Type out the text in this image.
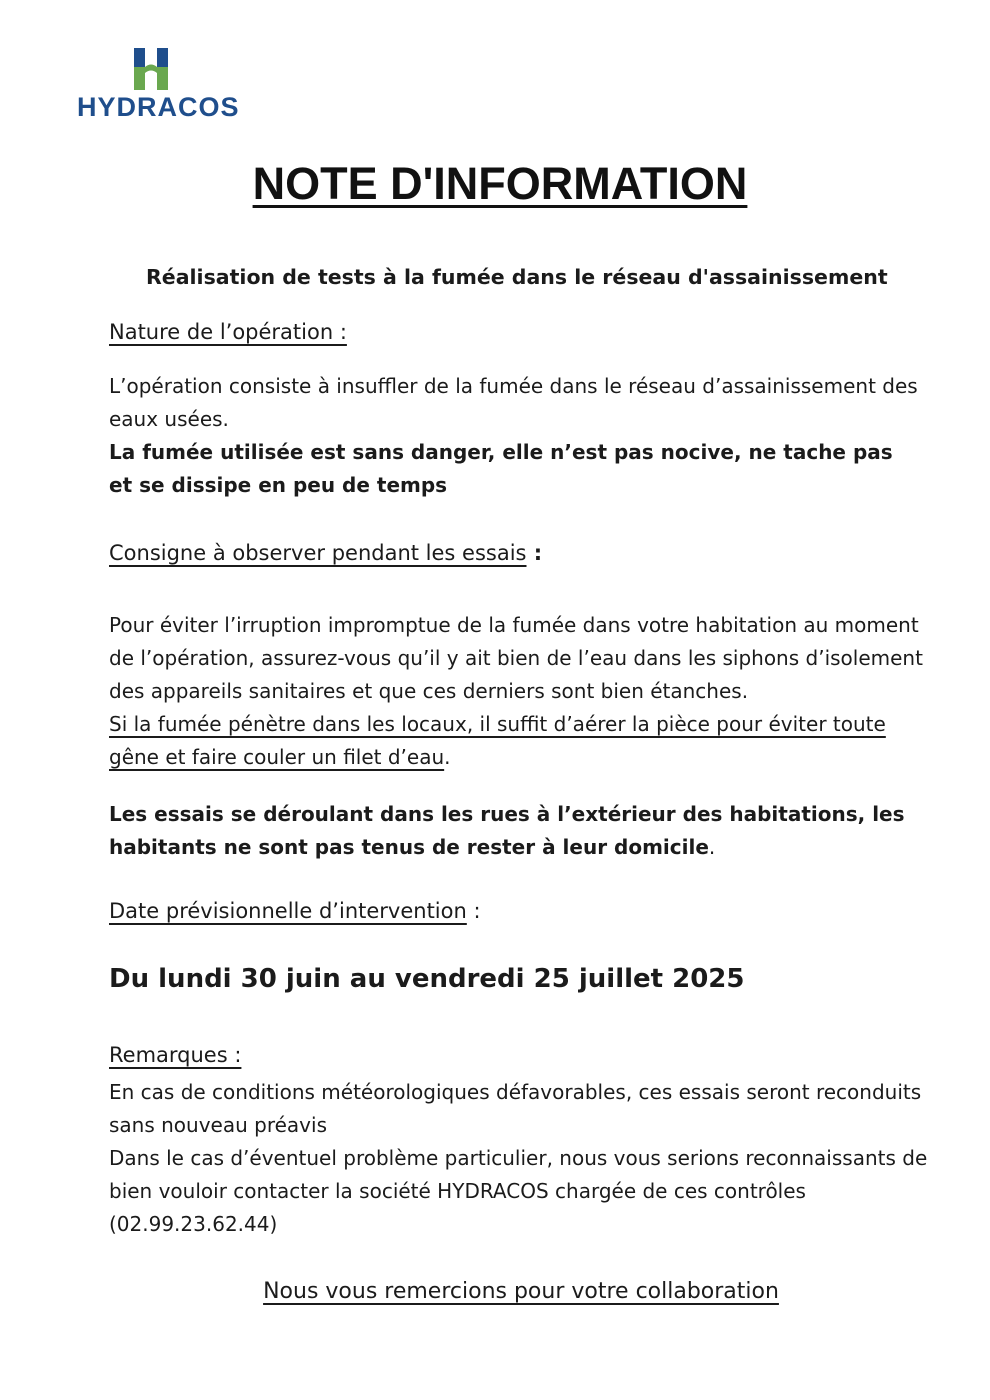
HYDRACOS
NOTE D'INFORMATION
Réalisation de tests à la fumée dans le réseau d'assainissement
Nature de l’opération :
L’opération consiste à insuffler de la fumée dans le réseau d’assainissement des eaux usées.
La fumée utilisée est sans danger, elle n’est pas nocive, ne tache pas et se dissipe en peu de temps
Consigne à observer pendant les essais :
Pour éviter l’irruption impromptue de la fumée dans votre habitation au moment de l’opération, assurez-vous qu’il y ait bien de l’eau dans les siphons d’isolement des appareils sanitaires et que ces derniers sont bien étanches.
Si la fumée pénètre dans les locaux, il suffit d’aérer la pièce pour éviter toute gêne et faire couler un filet d’eau.
Les essais se déroulant dans les rues à l’extérieur des habitations, les habitants ne sont pas tenus de rester à leur domicile.
Date prévisionnelle d’intervention :
Du lundi 30 juin au vendredi 25 juillet 2025
Remarques :
En cas de conditions météorologiques défavorables, ces essais seront reconduits sans nouveau préavis
Dans le cas d’éventuel problème particulier, nous vous serions reconnaissants de bien vouloir contacter la société HYDRACOS chargée de ces contrôles
(02.99.23.62.44)
Nous vous remercions pour votre collaboration
